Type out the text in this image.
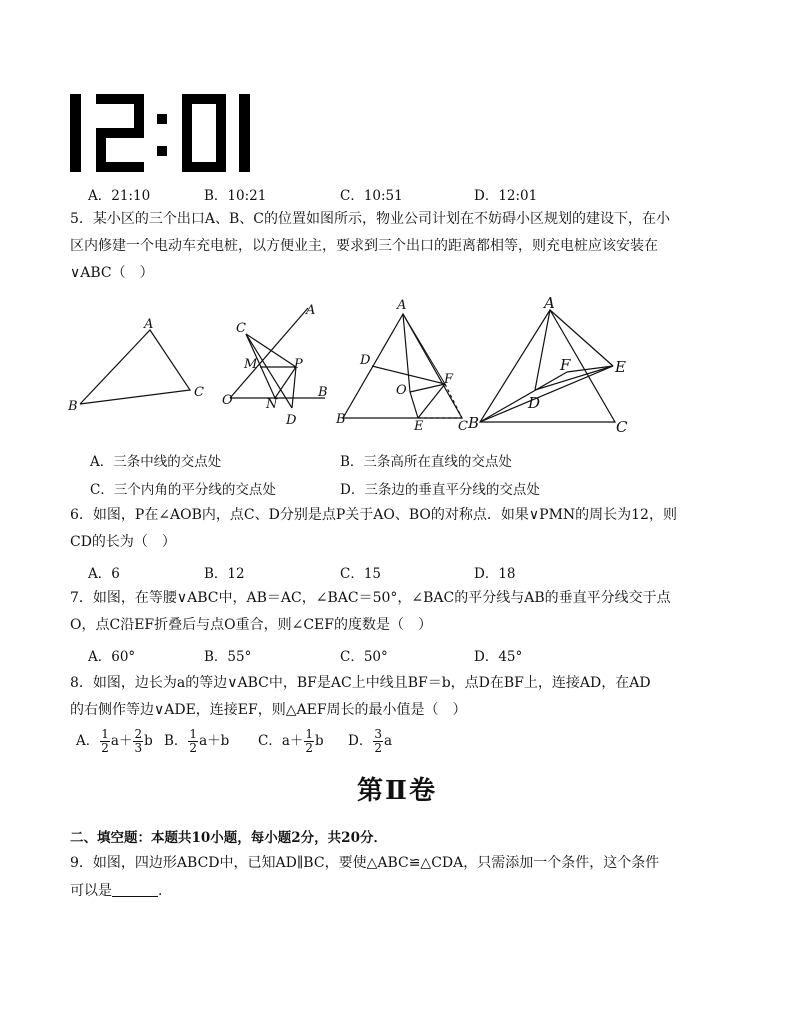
12:01
A．21:10	B．10:21	C．10:51	D．12:01
5．某小区的三个出口A、B、C的位置如图所示，物业公司计划在不妨碍小区规划的建设下，在小
区内修建一个电动车充电桩，以方便业主，要求到三个出口的距离都相等，则充电桩应该安装在
∨ABC（　）
A
B
C
A
C
M	P
O	N
B
D
A
D
O
F
B	E	C
A
F	E
D
B	C
A．三条中线的交点处	B．三条高所在直线的交点处
C．三个内角的平分线的交点处	D．三条边的垂直平分线的交点处
6．如图，P在∠AOB内，点C、D分别是点P关于AO、BO的对称点．如果∨PMN的周长为12，则
CD的长为（　）
A．6	B．12	C．15	D．18
7．如图，在等腰∨ABC中，AB＝AC，∠BAC＝50°，∠BAC的平分线与AB的垂直平分线交于点
O，点C沿EF折叠后与点O重合，则∠CEF的度数是（　）
A．60°	B．55°	C．50°	D．45°
8．如图，边长为a的等边∨ABC中，BF是AC上中线且BF＝b，点D在BF上，连接AD，在AD
的右侧作等边∨ADE，连接EF，则△AEF周长的最小值是（　）
A． $\frac{1}{2} a+ \frac{2}{3}$ b B． $\frac{1}{2} a+b$ C．$a+ \frac{1}{2}$ b D． $\frac{3}{2}$ a
第Ⅱ卷
二、填空题：本题共10小题，每小题2分，共20分．
9．如图，四边形ABCD中，已知AD∥BC，要使△ABC≌△CDA，只需添加一个条件，这个条件
可以是	．
